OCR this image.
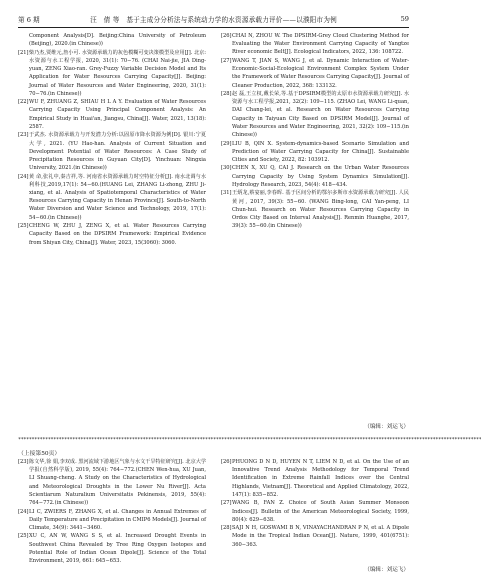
第 6 期	汪　倩 等　基于主成分分析法与系统动力学的水资源承载力评价——以濮阳市为例	59
Component Analysis[D]. Beijing:China University of Petroleum (Beijing), 2020.(in Chinese))
[21] 柴乃杰,贾维元,詹小可. 水资源承载力的灰色模糊可变决策模型及应用[J]. 北京:水资源与水工程学报, 2020, 31(1): 70−76. (CHAI Nai-jie, JIA Ding-yuan, ZENG Xiao-ran. Grey-Fuzzy Variable Decision Model and Its Application for Water Resources Carrying Capacity[J]. Beijing: Journal of Water Resources and Water Engineering, 2020, 31(1): 70−76.(in Chinese))
[22] WU F, ZHUANG Z, SHIAU H L A Y. Evaluation of Water Resources Carrying Capacity Using Principal Component Analysis: An Empirical Study in Huai'an, Jiangsu, China[J]. Water, 2021, 13(18): 2587.
[23] 于武杰. 水资源承载力与开发潜力分析:以固原市降水资源为例[D]. 银川:宁夏大学, 2021. (YU Hao-han. Analysis of Current Situation and Development Potential of Water Resources: A Case Study of Precipitation Resources in Guyuan City[D]. Yinchuan: Ningxia University, 2021.(in Chinese))
[24] 黄 命,张礼中,秦吉祥,等. 河南省水资源承载力时空特征分析[J]. 南水北调与水利科技,2019,17(1): 54−60.(HUANG Lei, ZHANG Li-zhong, ZHU Ji-xiang, et al. Analysis of Spatiotemporal Characteristics of Water Resources Carrying Capacity in Henan Province[J]. South-to-North Water Diversion and Water Science and Technology, 2019, 17(1): 54−60.(in Chinese))
[25] CHENG W, ZHU J, ZENG X, et al. Water Resources Carrying Capacity Based on the DPSIRM Framework: Empirical Evidence from Shiyan City, China[J]. Water, 2023, 15(3060): 3060.
[26] CHAI N, ZHOU W. The DPSIRM-Grey Cloud Clustering Method for Evaluating the Water Environment Carrying Capacity of Yangtze River economic Belt[J]. Ecological Indicators, 2022, 136: 108722.
[27] WANG T, JIAN S, WANG J, et al. Dynamic Interaction of Water-Economic-Social-Ecological Environment Complex System Under the Framework of Water Resources Carrying Capacity[J]. Journal of Cleaner Production, 2022, 368: 133132.
[28] 赵 磊,王立权,戴长荣,等.基于DPSIRM模型的太原市水资源承载力研究[J]. 水资源与水工程学报,2021, 32(2): 109−115. (ZHAO Lei, WANG Li-quan, DAI Chang-lei, et al. Research on Water Resources Carrying Capacity in Taiyuan City Based on DPSIRM Model[J]. Journal of Water Resources and Water Engineering, 2021, 32(2): 109−115.(in Chinese))
[29] LIU B, QIN X. System-dynamics-based Scenario Simulation and Prediction of Water Carrying Capacity for China[J]. Sustainable Cities and Society, 2022, 82: 103912.
[30] CHEN X, XU Q, CAI J. Research on the Urban Water Resources Carrying Capacity by Using System Dynamics Simulation[J]. Hydrology Research, 2023, 54(4): 418−434.
[31] 王炳龙,蔡宴丽,李春晖. 基于区间分析的鄂尔多斯市水资源承载力研究[J]. 人民黄河, 2017, 39(3): 55−60. (WANG Bing-long, CAI Yan-peng, LI Chun-hui. Research on Water Resources Carrying Capacity in Ordos City Based on Interval Analysis[J]. Renmin Huanghe, 2017, 39(3): 55−60.(in Chinese))
（编辑：刘运飞）
***************************************************************************************************************************************************************************
（上接第50页）
[23] 陈文华,徐 娟,李双成. 黑河流域下游地区气象与水文干旱特征研究[J]. 北京大学学报(自然科学版), 2019, 55(4): 764−772.(CHEN Wen-hua, XU Juan, LI Shuang-cheng. A Study on the Characteristics of Hydrological and Meteorological Droughts in the Lower Nu River[J]. Acta Scientiarum Naturalium Universitatis Pekinensis, 2019, 55(4): 764−772.(in Chinese))
[24] LI C, ZWIERS F, ZHANG X, et al. Changes in Annual Extremes of Daily Temperature and Precipitation in CMIP6 Models[J]. Journal of Climate, 34(9): 3441−3460.
[25] XU C, AN W, WANG S S, et al. Increased Drought Events in Southwest China Revealed by Tree Ring Oxygen Isotopes and Potential Role of Indian Ocean Dipole[J]. Science of the Total Environment, 2019, 661: 645−653.
[26] PHUONG D N D, HUYEN N T, LIEM N D, et al. On the Use of an Innovative Trend Analysis Methodology for Temporal Trend Identification in Extreme Rainfall Indices over the Central Highlands, Vietnam[J]. Theoretical and Applied Climatology, 2022, 147(1): 835−852.
[27] WANG B, FAN Z. Choice of South Asian Summer Monsoon Indices[J]. Bulletin of the American Meteorological Society, 1999, 80(4): 629−638.
[28] SAJI N H, GOSWAMI B N, VINAYACHANDRAN P N, et al. A Dipole Mode in the Tropical Indian Ocean[J]. Nature, 1999, 401(6751): 360−363.
（编辑：刘运飞）
